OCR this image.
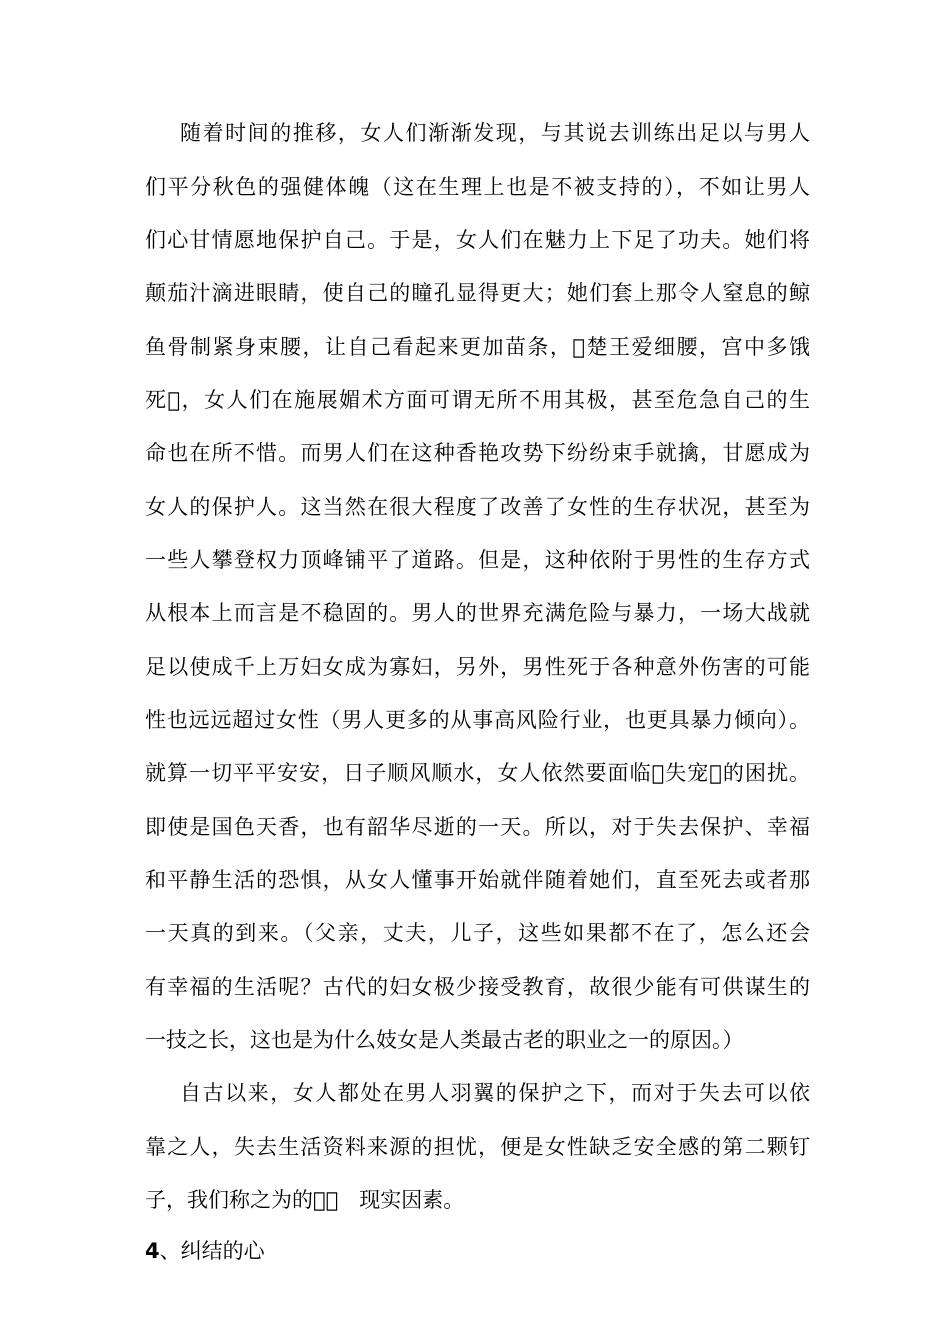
随着时间的推移，女人们渐渐发现，与其说去训练出足以与男人
们平分秋色的强健体魄（这在生理上也是不被支持的），不如让男人
们心甘情愿地保护自己。于是，女人们在魅力上下足了功夫。她们将
颠茄汁滴进眼睛，使自己的瞳孔显得更大；她们套上那令人窒息的鲸
鱼骨制紧身束腰，让自己看起来更加苗条， 楚王爱细腰，宫中多饿
死 ，女人们在施展媚术方面可谓无所不用其极，甚至危急自己的生
命也在所不惜。而男人们在这种香艳攻势下纷纷束手就擒，甘愿成为
女人的保护人。这当然在很大程度了改善了女性的生存状况，甚至为
一些人攀登权力顶峰铺平了道路。但是，这种依附于男性的生存方式
从根本上而言是不稳固的。男人的世界充满危险与暴力，一场大战就
足以使成千上万妇女成为寡妇，另外，男性死于各种意外伤害的可能
性也远远超过女性（男人更多的从事高风险行业，也更具暴力倾向）。
就算一切平平安安，日子顺风顺水，女人依然要面临 失宠 的困扰。
即使是国色天香，也有韶华尽逝的一天。所以，对于失去保护、幸福
和平静生活的恐惧，从女人懂事开始就伴随着她们，直至死去或者那
一天真的到来。（父亲，丈夫，儿子，这些如果都不在了，怎么还会
有幸福的生活呢？古代的妇女极少接受教育，故很少能有可供谋生的
一技之长，这也是为什么妓女是人类最古老的职业之一的原因。）
自古以来，女人都处在男人羽翼的保护之下，而对于失去可以依
靠之人，失去生活资料来源的担忧，便是女性缺乏安全感的第二颗钉
子，我们称之为的  　现实因素。
4、纠结的心
